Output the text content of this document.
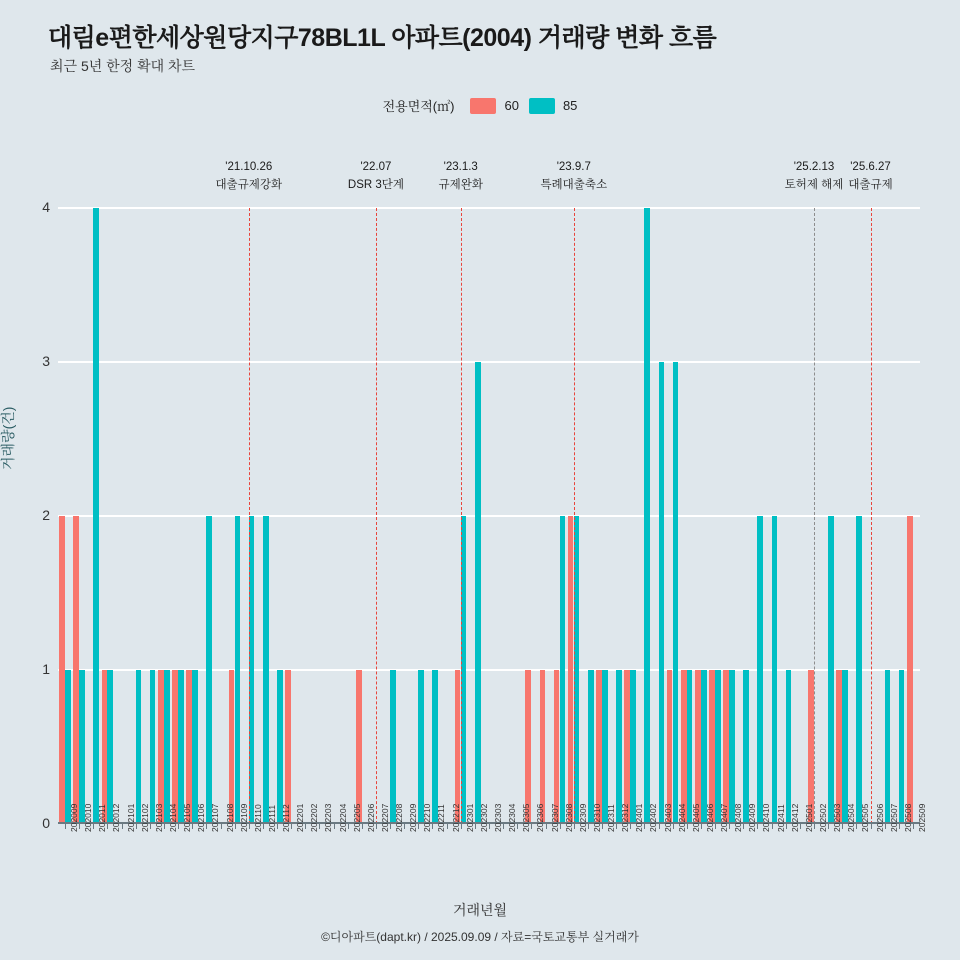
대림e편한세상원당지구78BL1L 아파트(2004) 거래량 변화 흐름
최근 5년 한정 확대 차트
전용면적(㎡)	60	85
거래량(건)
0
1
2
3
4
202009 202010 202011 202012 202101 202102 202103 202104 202105 202106 202107 202108 202109 202110 202111 202112 202201 202202 202203 202204 202205 202206 202207 202208 202209 202210 202211 202212 202301 202302 202303 202304 202305 202306 202307 202308 202309 202310 202311 202312 202401 202402 202403 202404 202405 202406 202407 202408 202409 202410 202411 202412 202501 202502 202503 202504 202505 202506 202507 202508 202509
'21.10.26
대출규제강화
'22.07
DSR 3단계
'23.1.3
규제완화
'23.9.7
특례대출축소
'25.2.13
토허제 해제
'25.6.27
대출규제
거래년월
©디아파트(dapt.kr) / 2025.09.09 / 자료=국토교통부 실거래가
